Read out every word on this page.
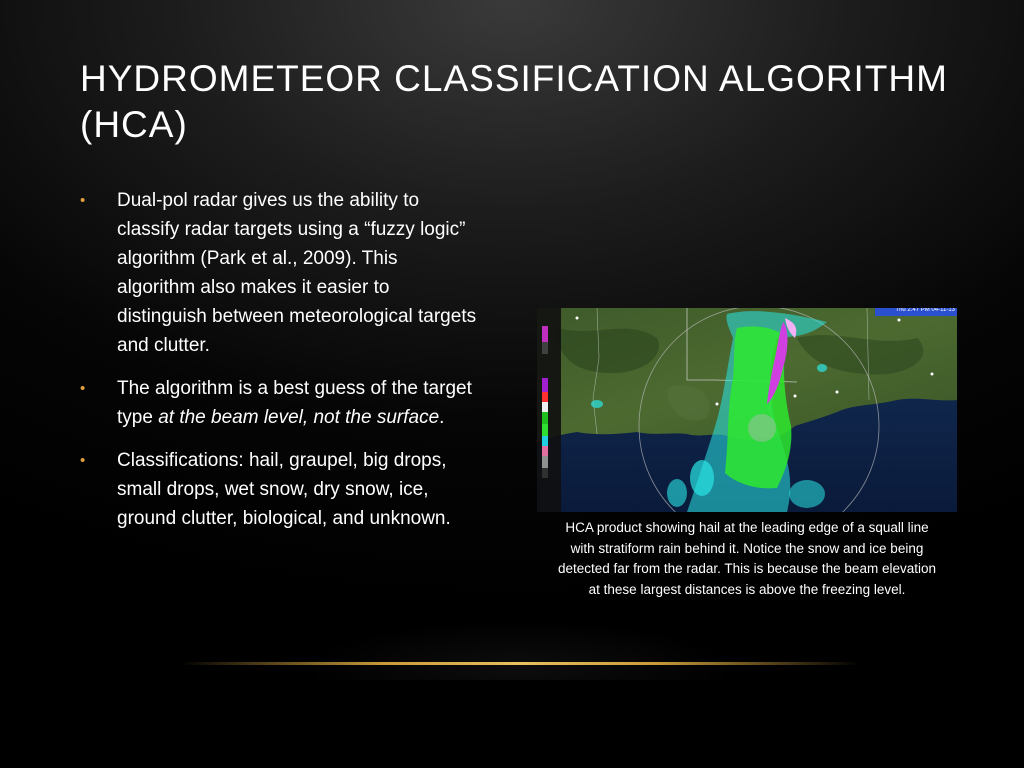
HYDROMETEOR CLASSIFICATION ALGORITHM (HCA)
• Dual-pol radar gives us the ability to classify radar targets using a “fuzzy logic” algorithm (Park et al., 2009). This algorithm also makes it easier to distinguish between meteorological targets and clutter.
• The algorithm is a best guess of the target type at the beam level, not the surface.
• Classifications: hail, graupel, big drops, small drops, wet snow, dry snow, ice, ground clutter, biological, and unknown.
Thu 2:47 PM 04-11-13
HCA product showing hail at the leading edge of a squall line
with stratiform rain behind it. Notice the snow and ice being
detected far from the radar. This is because the beam elevation
at these largest distances is above the freezing level.
